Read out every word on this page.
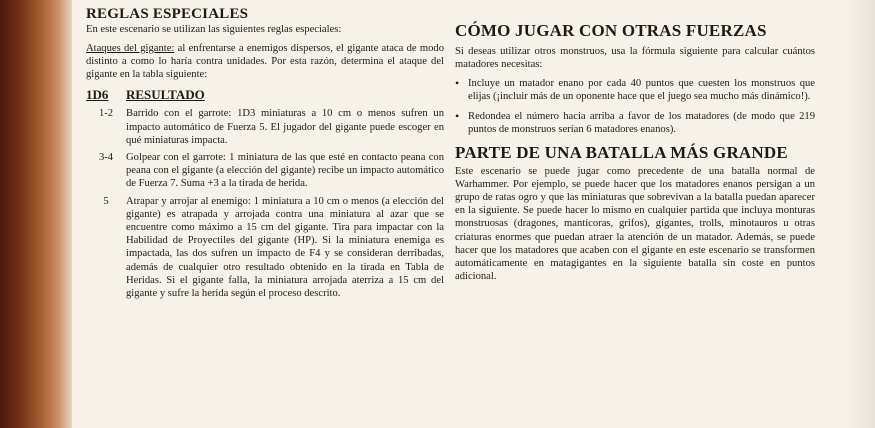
REGLAS ESPECIALES

En este escenario se utilizan las siguientes reglas especiales:

Ataques del gigante: al enfrentarse a enemigos dispersos, el gigante ataca de modo distinto a como lo haría contra unidades. Por esta razón, determina el ataque del gigante en la tabla siguiente:

1D6	RESULTADO
1-2	Barrido con el garrote: 1D3 miniaturas a 10 cm o menos sufren un impacto automático de Fuerza 5. El jugador del gigante puede escoger en qué miniaturas impacta.

3-4	Golpear con el garrote: 1 miniatura de las que esté en contacto peana con peana con el gigante (a elección del gigante) recibe un impacto automático de Fuerza 7. Suma +3 a la tirada de herida.

5	Atrapar y arrojar al enemigo: 1 miniatura a 10 cm o menos (a elección del gigante) es atrapada y arrojada contra una miniatura al azar que se encuentre como máximo a 15 cm del gigante. Tira para impactar con la Habilidad de Proyectiles del gigante (HP). Si la miniatura enemiga es impactada, las dos sufren un impacto de F4 y se consideran derribadas, además de cualquier otro resultado obtenido en la tirada en Tabla de Heridas. Si el gigante falla, la miniatura arrojada aterriza a 15 cm del gigante y sufre la herida según el proceso descrito.

CÓMO JUGAR CON OTRAS FUERZAS

Si deseas utilizar otros monstruos, usa la fórmula siguiente para calcular cuántos matadores necesitas:

• Incluye un matador enano por cada 40 puntos que cuesten los monstruos que elijas (¡incluir más de un oponente hace que el juego sea mucho más dinámico!).
• Redondea el número hacia arriba a favor de los matadores (de modo que 219 puntos de monstruos serían 6 matadores enanos).
PARTE DE UNA BATALLA MÁS GRANDE

Este escenario se puede jugar como precedente de una batalla normal de Warhammer. Por ejemplo, se puede hacer que los matadores enanos persigan a un grupo de ratas ogro y que las miniaturas que sobrevivan a la batalla puedan aparecer en la siguiente. Se puede hacer lo mismo en cualquier partida que incluya monturas monstruosas (dragones, mantícoras, grifos), gigantes, trolls, minotauros u otras criaturas enormes que puedan atraer la atención de un matador. Además, se puede hacer que los matadores que acaben con el gigante en este escenario se transformen automáticamente en matagigantes en la siguiente batalla sin coste en puntos adicional.
